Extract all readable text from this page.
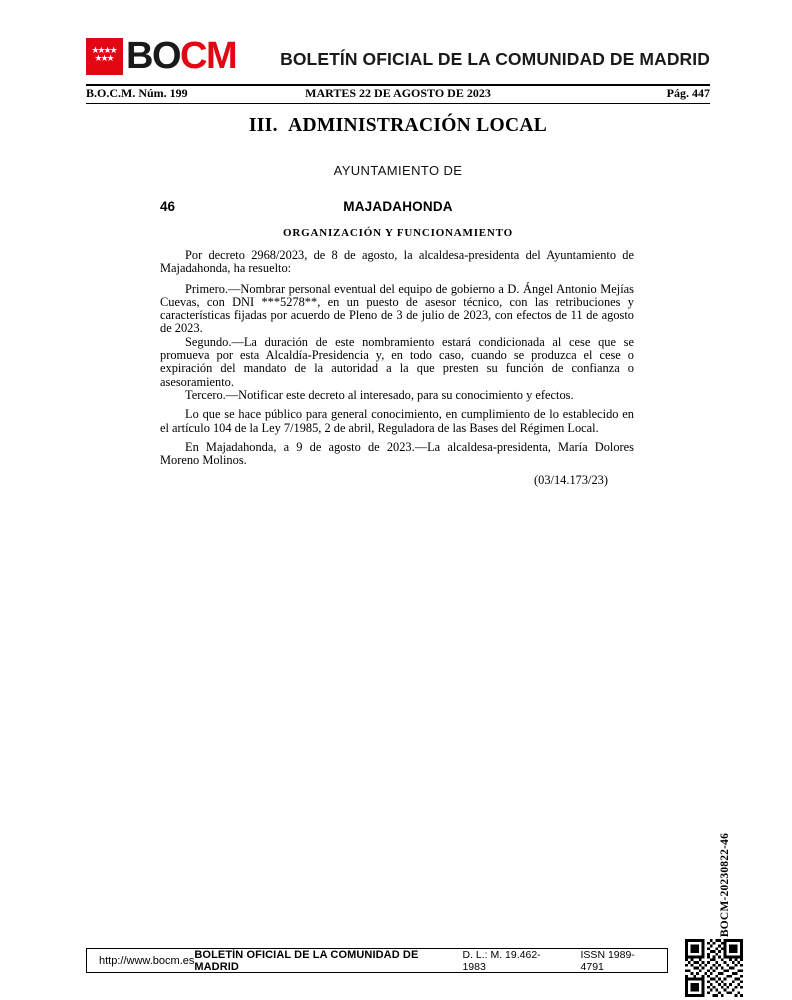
★★★★
★★★ BOCM	BOLETÍN OFICIAL DE LA COMUNIDAD DE MADRID
B.O.C.M. Núm. 199	MARTES 22 DE AGOSTO DE 2023	Pág. 447
III.  ADMINISTRACIÓN LOCAL
AYUNTAMIENTO DE
46	MAJADAHONDA
ORGANIZACIÓN Y FUNCIONAMIENTO

Por decreto 2968/2023, de 8 de agosto, la alcaldesa-presidenta del Ayuntamiento de Majadahonda, ha resuelto:

Primero.—Nombrar personal eventual del equipo de gobierno a D. Ángel Antonio Mejías Cuevas, con DNI ***5278**, en un puesto de asesor técnico, con las retribuciones y características fijadas por acuerdo de Pleno de 3 de julio de 2023, con efectos de 11 de agosto de 2023.

Segundo.—La duración de este nombramiento estará condicionada al cese que se promueva por esta Alcaldía-Presidencia y, en todo caso, cuando se produzca el cese o expiración del mandato de la autoridad a la que presten su función de confianza o asesoramiento.

Tercero.—Notificar este decreto al interesado, para su conocimiento y efectos.

Lo que se hace público para general conocimiento, en cumplimiento de lo establecido en el artículo 104 de la Ley 7/1985, 2 de abril, Reguladora de las Bases del Régimen Local.

En Majadahonda, a 9 de agosto de 2023.—La alcaldesa-presidenta, María Dolores Moreno Molinos.

(03/14.173/23)
BOCM-20230822-46
http://www.bocm.es BOLETÍN OFICIAL DE LA COMUNIDAD DE MADRID
D. L.: M. 19.462-1983
ISSN 1989-4791
